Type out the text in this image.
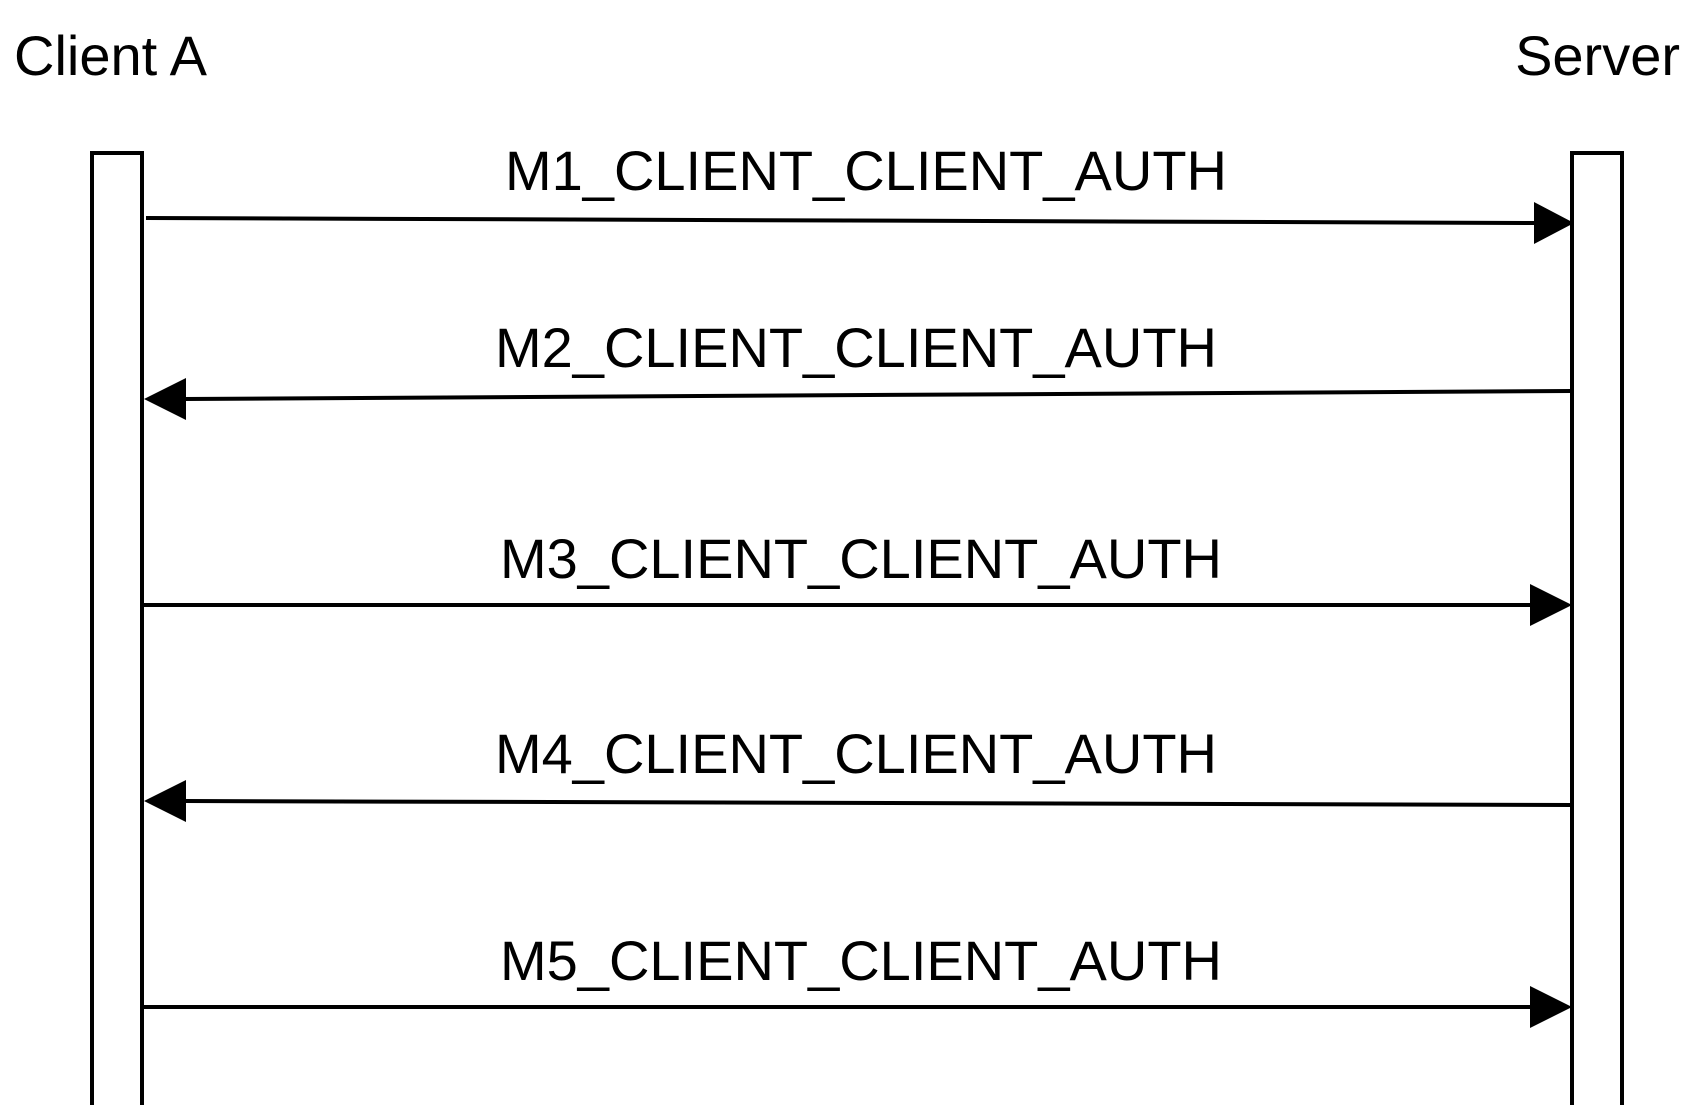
Client A	Server
M1_CLIENT_CLIENT_AUTH
M2_CLIENT_CLIENT_AUTH
M3_CLIENT_CLIENT_AUTH
M4_CLIENT_CLIENT_AUTH
M5_CLIENT_CLIENT_AUTH
